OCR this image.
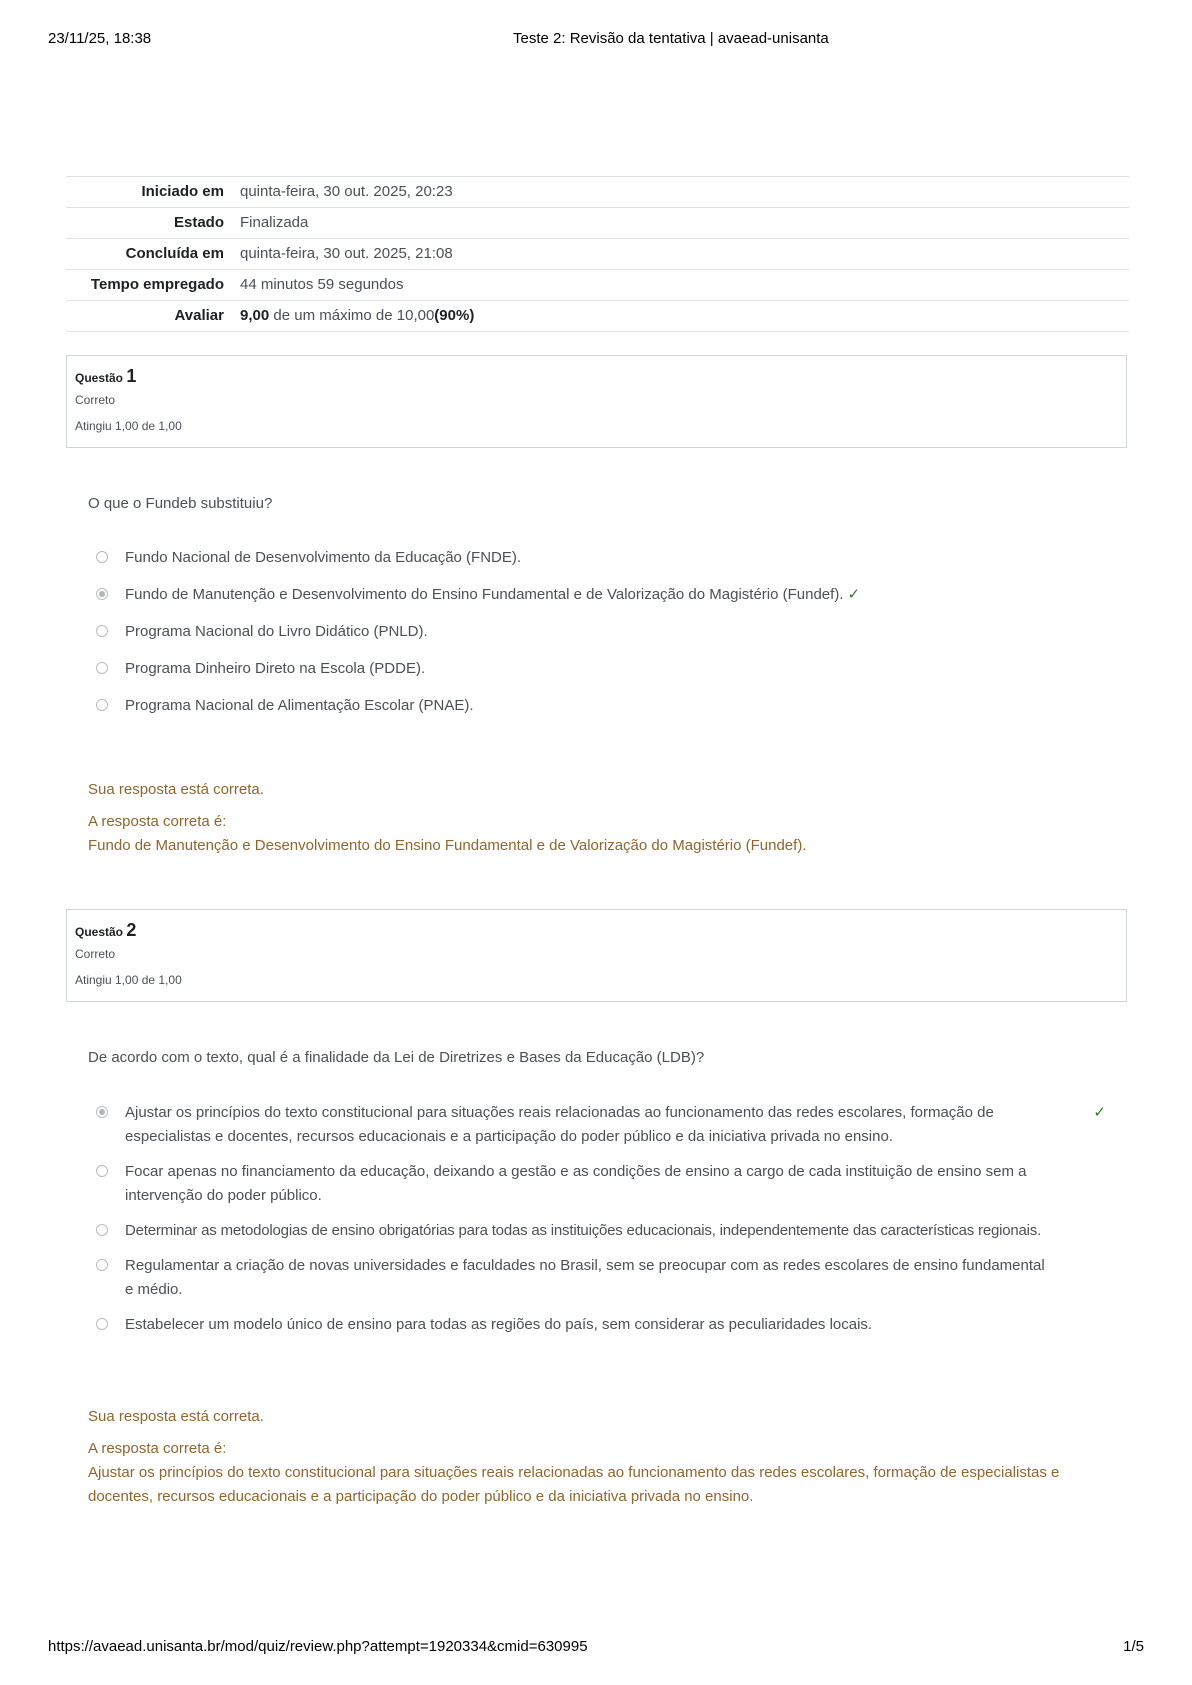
23/11/25, 18:38	Teste 2: Revisão da tentativa | avaead-unisanta
Iniciado em	quinta-feira, 30 out. 2025, 20:23
Estado	Finalizada
Concluída em	quinta-feira, 30 out. 2025, 21:08
Tempo empregado	44 minutos 59 segundos
Avaliar	9,00 de um máximo de 10,00(90%)
Questão 1
Correto
Atingiu 1,00 de 1,00
O que o Fundeb substituiu?
Fundo Nacional de Desenvolvimento da Educação (FNDE).
Fundo de Manutenção e Desenvolvimento do Ensino Fundamental e de Valorização do Magistério (Fundef). ✓
Programa Nacional do Livro Didático (PNLD).
Programa Dinheiro Direto na Escola (PDDE).
Programa Nacional de Alimentação Escolar (PNAE).
Sua resposta está correta.
A resposta correta é:
Fundo de Manutenção e Desenvolvimento do Ensino Fundamental e de Valorização do Magistério (Fundef).
Questão 2
Correto
Atingiu 1,00 de 1,00
De acordo com o texto, qual é a finalidade da Lei de Diretrizes e Bases da Educação (LDB)?
Ajustar os princípios do texto constitucional para situações reais relacionadas ao funcionamento das redes escolares, formação de especialistas e docentes, recursos educacionais e a participação do poder público e da iniciativa privada no ensino.
✓
Focar apenas no financiamento da educação, deixando a gestão e as condições de ensino a cargo de cada instituição de ensino sem a intervenção do poder público.
Determinar as metodologias de ensino obrigatórias para todas as instituições educacionais, independentemente das características regionais.
Regulamentar a criação de novas universidades e faculdades no Brasil, sem se preocupar com as redes escolares de ensino fundamental e médio.
Estabelecer um modelo único de ensino para todas as regiões do país, sem considerar as peculiaridades locais.
Sua resposta está correta.
A resposta correta é:
Ajustar os princípios do texto constitucional para situações reais relacionadas ao funcionamento das redes escolares, formação de especialistas e docentes, recursos educacionais e a participação do poder público e da iniciativa privada no ensino.
https://avaead.unisanta.br/mod/quiz/review.php?attempt=1920334&cmid=630995	1/5
